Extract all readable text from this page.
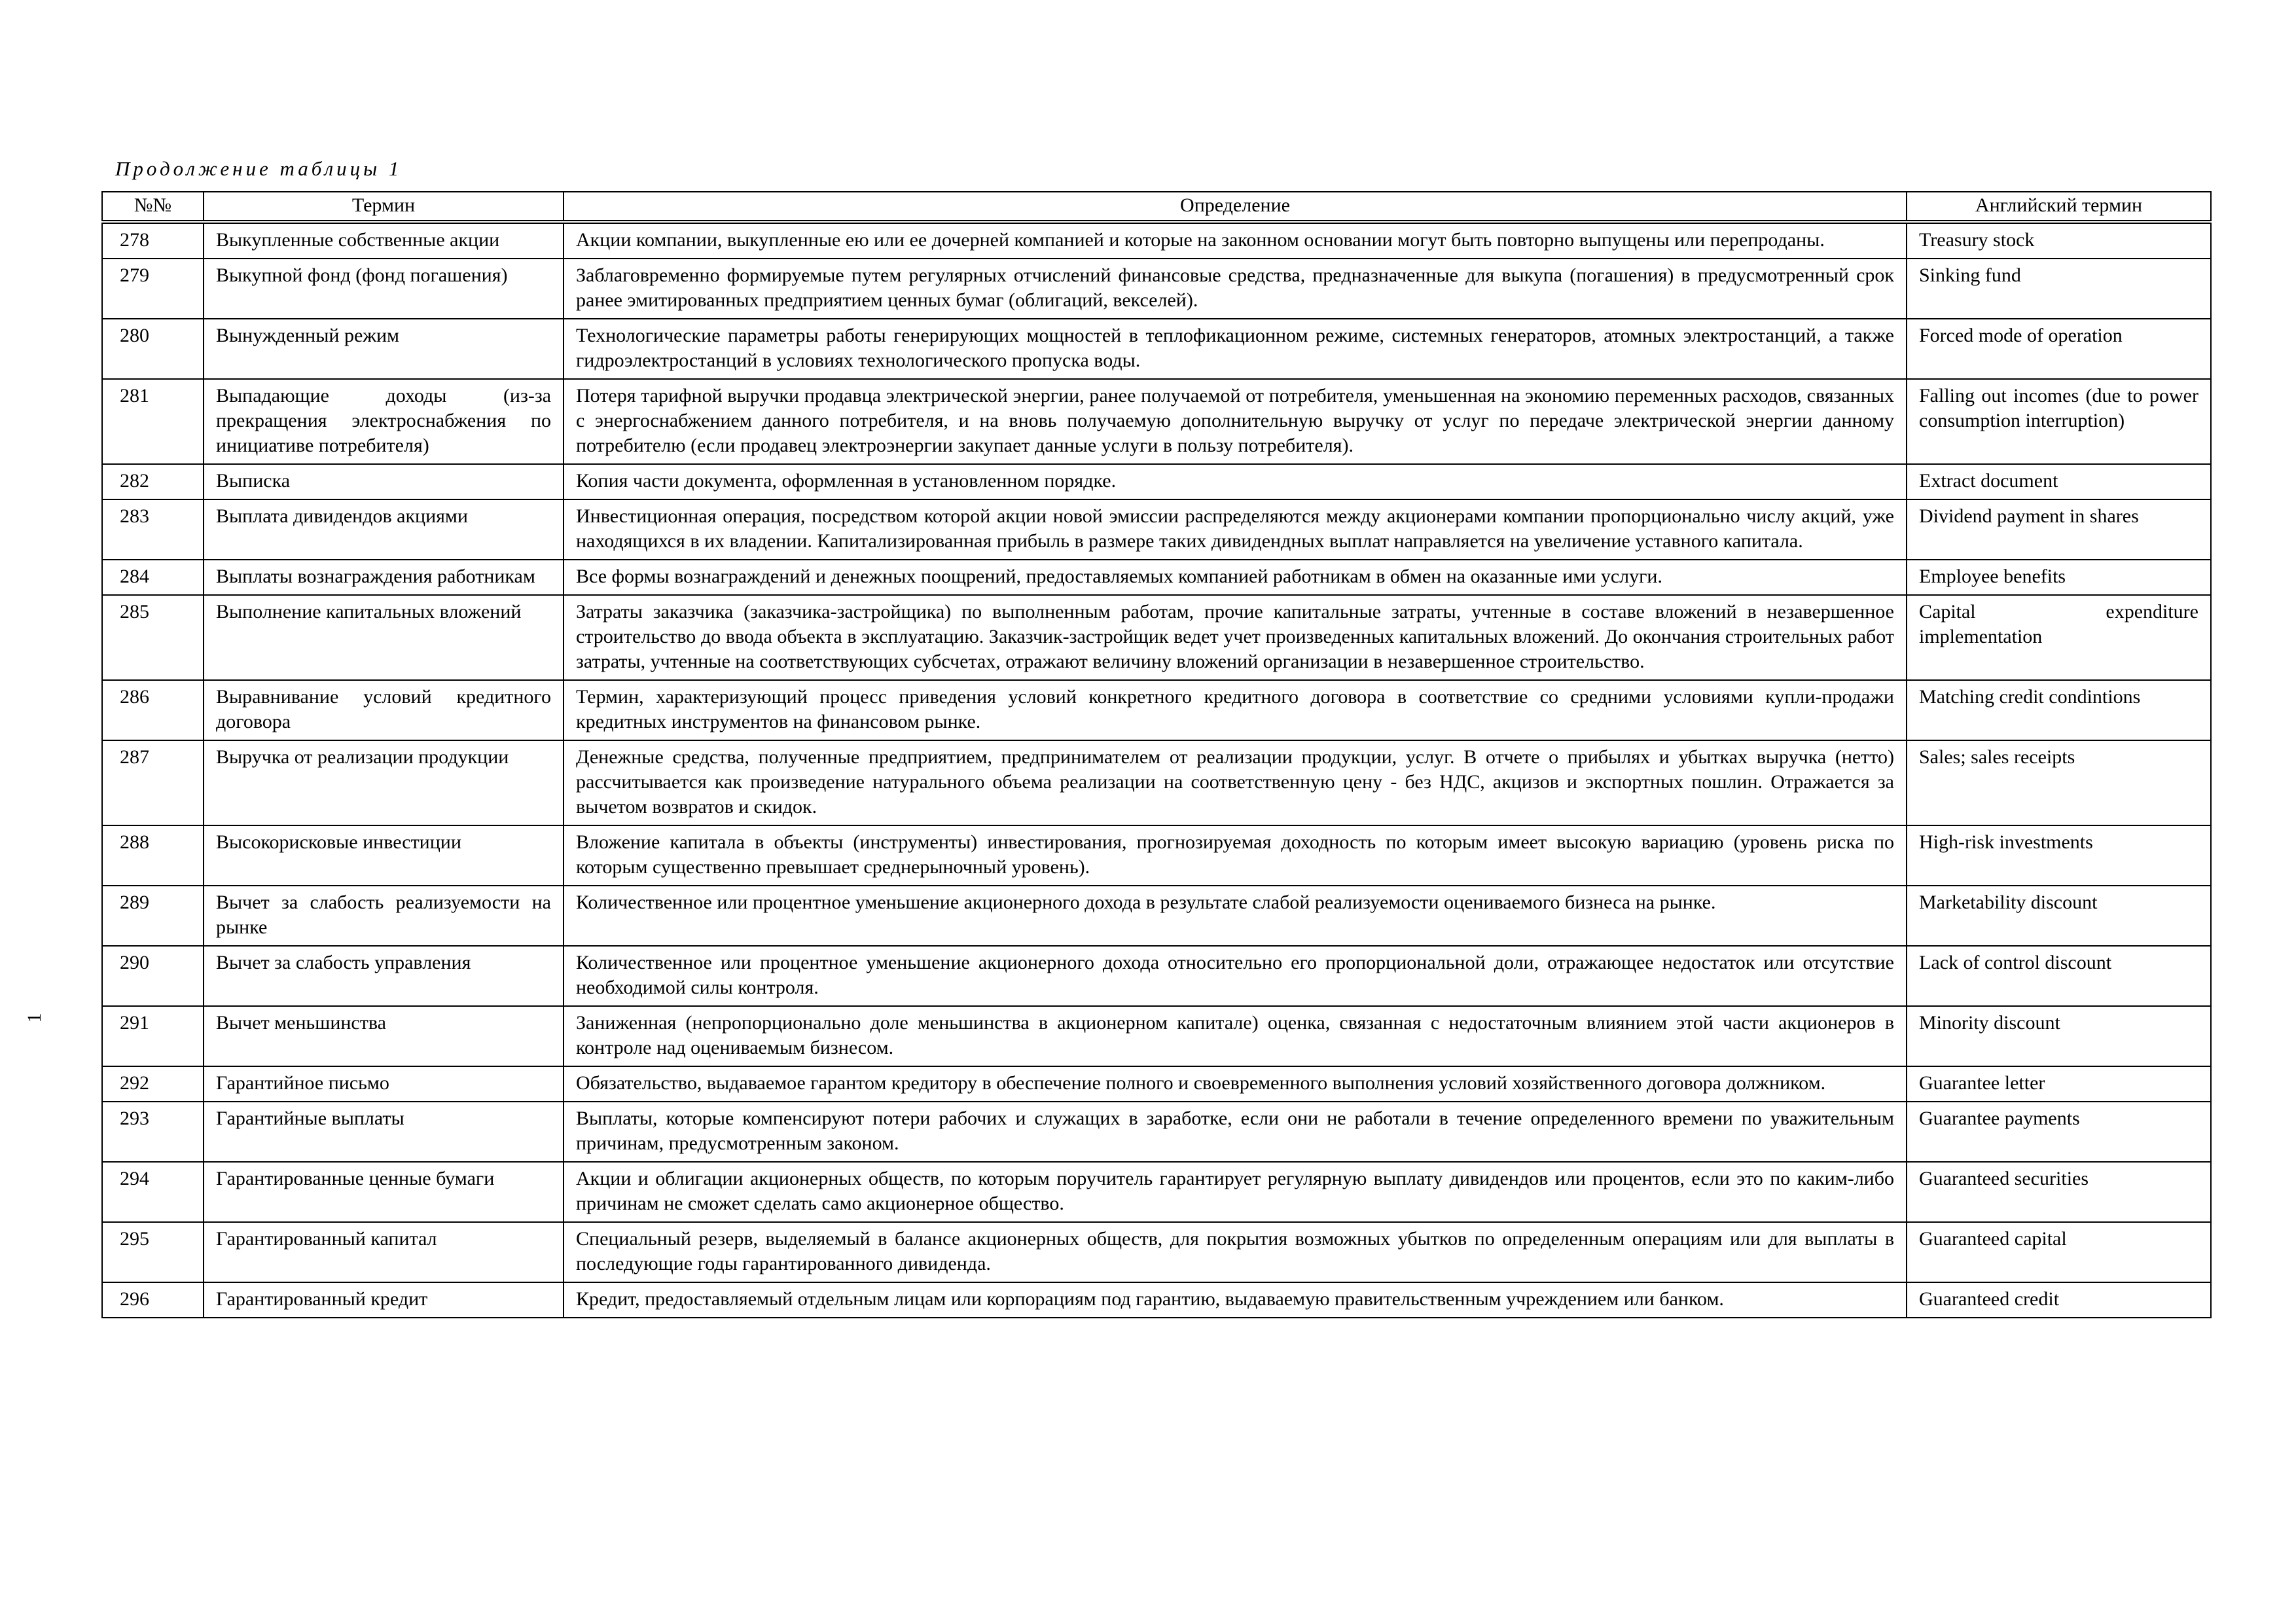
Продолжение таблицы 1
1
№№	Термин	Определение	Английский термин
278	Выкупленные собственные акции	Акции компании, выкупленные ею или ее дочерней компанией и которые на законном основании могут быть повторно выпущены или перепроданы.	Treasury stock
279	Выкупной фонд (фонд погашения)	Заблаговременно формируемые путем регулярных отчислений финансовые средства, предназначенные для выкупа (погашения) в предусмотренный срок ранее эмитированных предприятием ценных бумаг (облигаций, векселей).	Sinking fund
280	Вынужденный режим	Технологические параметры работы генерирующих мощностей в теплофикационном режиме, системных генераторов, атомных электростанций, а также гидроэлектростанций в условиях технологического пропуска воды.	Forced mode of operation
281	Выпадающие доходы (из-за прекращения электроснабжения по инициативе потребителя)	Потеря тарифной выручки продавца электрической энергии, ранее получаемой от потребителя, уменьшенная на экономию переменных расходов, связанных с энергоснабжением данного потребителя, и на вновь получаемую дополнительную выручку от услуг по передаче электрической энергии данному потребителю (если продавец электроэнергии закупает данные услуги в пользу потребителя).	Falling out incomes (due to power consumption interruption)
282	Выписка	Копия части документа, оформленная в установленном порядке.	Extract document
283	Выплата дивидендов акциями	Инвестиционная операция, посредством которой акции новой эмиссии распределяются между акционерами компании пропорционально числу акций, уже находящихся в их владении. Капитализированная прибыль в размере таких дивидендных выплат направляется на увеличение уставного капитала.	Dividend payment in shares
284	Выплаты вознаграждения работникам	Все формы вознаграждений и денежных поощрений, предоставляемых компанией работникам в обмен на оказанные ими услуги.	Employee benefits
285	Выполнение капитальных вложений	Затраты заказчика (заказчика-застройщика) по выполненным работам, прочие капитальные затраты, учтенные в составе вложений в незавершенное строительство до ввода объекта в эксплуатацию. Заказчик-застройщик ведет учет произведенных капитальных вложений. До окончания строительных работ затраты, учтенные на соответствующих субсчетах, отражают величину вложений организации в незавершенное строительство.	Capital expenditure implementation
286	Выравнивание условий кредитного договора	Термин, характеризующий процесс приведения условий конкретного кредитного договора в соответствие со средними условиями купли-продажи кредитных инструментов на финансовом рынке.	Matching credit condintions
287	Выручка от реализации продукции	Денежные средства, полученные предприятием, предпринимателем от реализации продукции, услуг. В отчете о прибылях и убытках выручка (нетто) рассчитывается как произведение натурального объема реализации на соответственную цену - без НДС, акцизов и экспортных пошлин. Отражается за вычетом возвратов и скидок.	Sales; sales receipts
288	Высокорисковые инвестиции	Вложение капитала в объекты (инструменты) инвестирования, прогнозируемая доходность по которым имеет высокую вариацию (уровень риска по которым существенно превышает среднерыночный уровень).	High-risk investments
289	Вычет за слабость реализуемости на рынке	Количественное или процентное уменьшение акционерного дохода в результате слабой реализуемости оцениваемого бизнеса на рынке.	Marketability discount
290	Вычет за слабость управления	Количественное или процентное уменьшение акционерного дохода относительно его пропорциональной доли, отражающее недостаток или отсутствие необходимой силы контроля.	Lack of control discount
291	Вычет меньшинства	Заниженная (непропорционально доле меньшинства в акционерном капитале) оценка, связанная с недостаточным влиянием этой части акционеров в контроле над оцениваемым бизнесом.	Minority discount
292	Гарантийное письмо	Обязательство, выдаваемое гарантом кредитору в обеспечение полного и своевременного выполнения условий хозяйственного договора должником.	Guarantee letter
293	Гарантийные выплаты	Выплаты, которые компенсируют потери рабочих и служащих в заработке, если они не работали в течение определенного времени по уважительным причинам, предусмотренным законом.	Guarantee payments
294	Гарантированные ценные бумаги	Акции и облигации акционерных обществ, по которым поручитель гарантирует регулярную выплату дивидендов или процентов, если это по каким-либо причинам не сможет сделать само акционерное общество.	Guaranteed securities
295	Гарантированный капитал	Специальный резерв, выделяемый в балансе акционерных обществ, для покрытия возможных убытков по определенным операциям или для выплаты в последующие годы гарантированного дивиденда.	Guaranteed capital
296	Гарантированный кредит	Кредит, предоставляемый отдельным лицам или корпорациям под гарантию, выдаваемую правительственным учреждением или банком.	Guaranteed credit
